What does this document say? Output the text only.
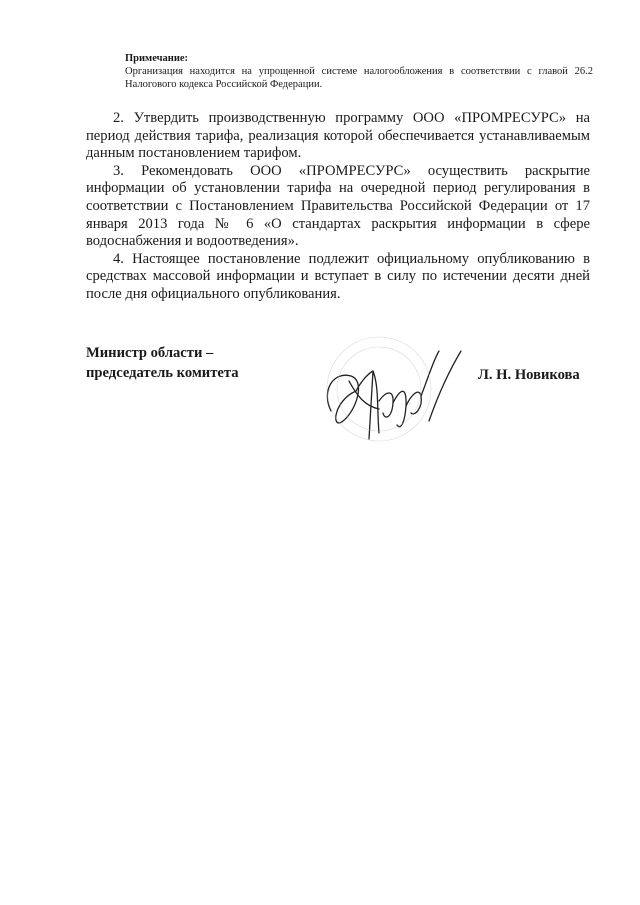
Примечание:

Организация находится на упрощенной системе налогообложения в соответствии с главой 26.2 Налогового кодекса Российской Федерации.

2. Утвердить производственную программу ООО «ПРОМРЕСУРС» на период действия тарифа, реализация которой обеспечивается устанавливаемым данным постановлением тарифом.

3. Рекомендовать ООО «ПРОМРЕСУРС» осуществить раскрытие информации об установлении тарифа на очередной период регулирования в соответствии с Постановлением Правительства Российской Федерации от 17 января 2013 года № 6 «О стандартах раскрытия информации в сфере водоснабжения и водоотведения».

4. Настоящее постановление подлежит официальному опубликованию в средствах массовой информации и вступает в силу по истечении десяти дней после дня официального опубликования.

Министр области –
председатель комитета	Л. Н. Новикова
